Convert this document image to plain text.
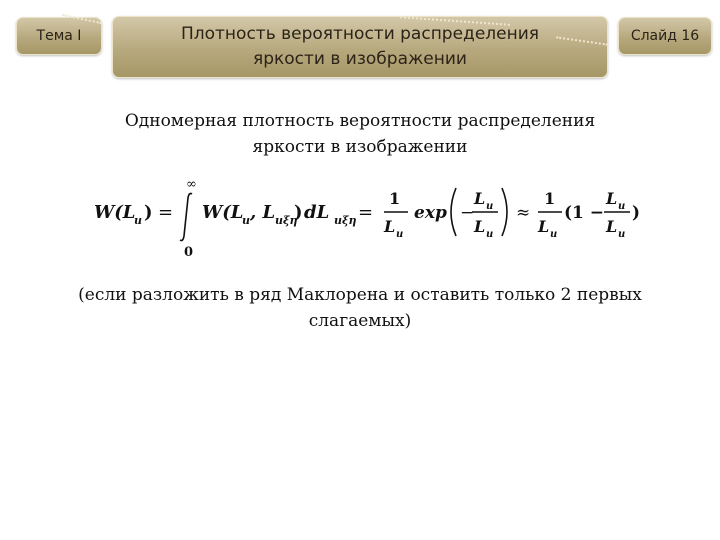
Тема I	Плотность вероятности распределения
яркости в изображении
Слайд 16
Одномерная плотность вероятности распределения
яркости в изображении
W(L
и ) =
∞
0
W(L
и , L иξη
) dL иξη =
1
L и
exp −
L и
L и
≈
1
L и
(1 −
L и
L и
)
(если разложить в ряд Маклорена и оставить только 2 первых
слагаемых)
